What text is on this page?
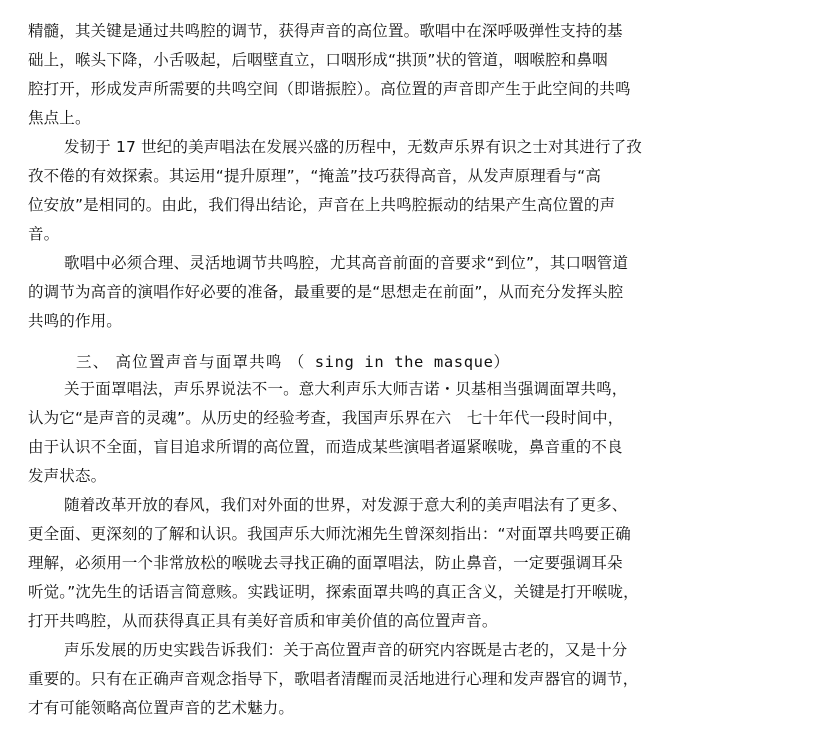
精髓，其关键是通过共鸣腔的调节，获得声音的高位置。歌唱中在深呼吸弹性支持的基
础上，喉头下降，小舌吸起，后咽壁直立，口咽形成“拱顶”状的管道，咽喉腔和鼻咽
腔打开，形成发声所需要的共鸣空间（即谐振腔）。高位置的声音即产生于此空间的共鸣
焦点上。
发韧于 17 世纪的美声唱法在发展兴盛的历程中，无数声乐界有识之士对其进行了孜
孜不倦的有效探索。其运用“提升原理”，“掩盖”技巧获得高音，从发声原理看与“高
位安放”是相同的。由此，我们得出结论，声音在上共鸣腔振动的结果产生高位置的声
音。
歌唱中必须合理、灵活地调节共鸣腔，尤其高音前面的音要求“到位”，其口咽管道
的调节为高音的演唱作好必要的准备，最重要的是“思想走在前面”，从而充分发挥头腔
共鸣的作用。
三、 高位置声音与面罩共鸣 （ sing in the masque）
关于面罩唱法，声乐界说法不一。意大利声乐大师吉诺・贝基相当强调面罩共鸣，
认为它“是声音的灵魂”。从历史的经验考查，我国声乐界在六　七十年代一段时间中，
由于认识不全面，盲目追求所谓的高位置，而造成某些演唱者逼紧喉咙，鼻音重的不良
发声状态。
随着改革开放的春风，我们对外面的世界，对发源于意大利的美声唱法有了更多、
更全面、更深刻的了解和认识。我国声乐大师沈湘先生曾深刻指出：“对面罩共鸣要正确
理解，必须用一个非常放松的喉咙去寻找正确的面罩唱法，防止鼻音，一定要强调耳朵
听觉。”沈先生的话语言简意赅。实践证明，探索面罩共鸣的真正含义，关键是打开喉咙，
打开共鸣腔，从而获得真正具有美好音质和审美价值的高位置声音。
声乐发展的历史实践告诉我们：关于高位置声音的研究内容既是古老的，又是十分
重要的。只有在正确声音观念指导下，歌唱者清醒而灵活地进行心理和发声器官的调节，
才有可能领略高位置声音的艺术魅力。
